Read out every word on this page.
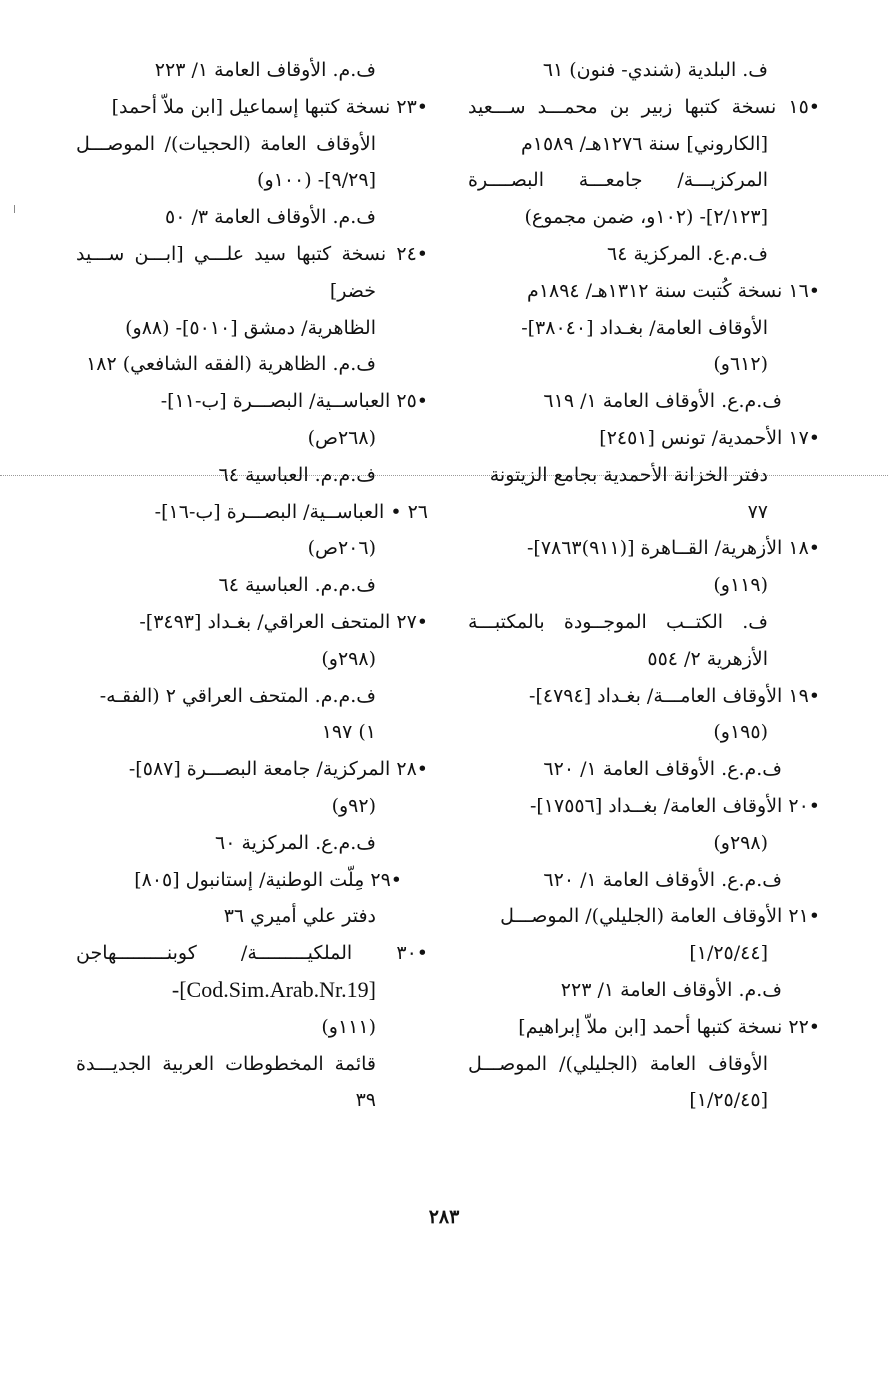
ف. البلدية (شندي- فنون) ٦١
•١٥ نسخة كتبها زبير بن محمـــد ســـعيد
[الكاروني] سنة ١٢٧٦هـ/ ١٥٨٩م
المركزيـــة/ جامعـــة البصــــرة
[٢/١٢٣]- (١٠٢و، ضمن مجموع)
ف.م.ع. المركزية ٦٤
•١٦ نسخة كُتبت سنة ١٣١٢هـ/ ١٨٩٤م
الأوقاف العامة/ بغـداد [٣٨٠٤٠]-
(٦١٢و)
ف.م.ع. الأوقاف العامة ١/ ٦١٩
•١٧ الأحمدية/ تونس [٢٤٥١]
دفتر الخزانة الأحمدية بجامع الزيتونة
٧٧
•١٨ الأزهرية/ القــاهرة [(٩١١)٧٨٦٣]-
(١١٩و)
ف. الكتــب الموجــودة بالمكتبـــة
الأزهرية ٢/ ٥٥٤
•١٩ الأوقاف العامـــة/ بغـداد [٤٧٩٤]-
(١٩٥و)
ف.م.ع. الأوقاف العامة ١/ ٦٢٠
•٢٠ الأوقاف العامة/ بغــداد [١٧٥٥٦]-
(٢٩٨و)
ف.م.ع. الأوقاف العامة ١/ ٦٢٠
•٢١ الأوقاف العامة (الجليلي)/ الموصـــل
[١/٢٥/٤٤]
ف.م. الأوقاف العامة ١/ ٢٢٣
•٢٢ نسخة كتبها أحمد [ابن ملاّ إبراهيم]
الأوقاف العامة (الجليلي)/ الموصـــل
[١/٢٥/٤٥]
ف.م. الأوقاف العامة ١/ ٢٢٣
•٢٣ نسخة كتبها إسماعيل [ابن ملاّ أحمد]
الأوقاف العامة (الحجيات)/ الموصـــل
[٩/٢٩]- (١٠٠و)
ف.م. الأوقاف العامة ٣/ ٥٠
•٢٤ نسخة كتبها سيد علـــي [ابـــن ســـيد
خضر]
الظاهرية/ دمشق [٥٠١٠]- (٨٨و)
ف.م. الظاهرية (الفقه الشافعي) ١٨٢
•٢٥ العباســية/ البصـــرة [ب-١١]-
(٢٦٨ص)
ف.م.م. العباسية ٦٤
٢٦ • العباســية/ البصـــرة [ب-١٦]-
(٢٠٦ص)
ف.م.م. العباسية ٦٤
•٢٧ المتحف العراقي/ بغـداد [٣٤٩٣]-
(٢٩٨و)
ف.م.م. المتحف العراقي ٢ (الفقـه-
١) ١٩٧
•٢٨ المركزية/ جامعة البصـــرة [٥٨٧]-
(٩٢و)
ف.م.ع. المركزية ٦٠
•٢٩ مِلّت الوطنية/ إستانبول [٨٠٥]
دفتر علي أميري ٣٦
•٣٠ الملكيـــــــــة/ كوبنـــــــــهاجن
-[Cod.Sim.Arab.Nr.19]
(١١١و)
قائمة المخطوطات العربية الجديـــدة
٣٩
٢٨٣
